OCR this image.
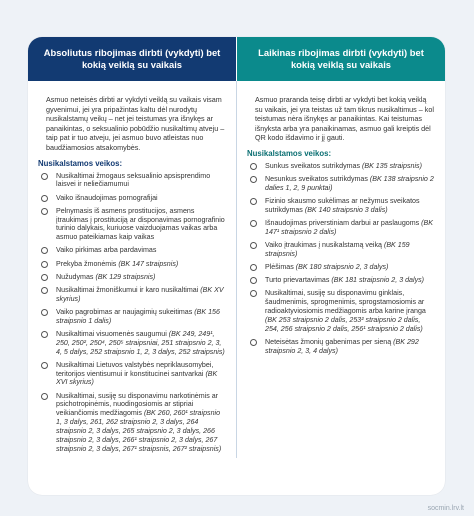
Absoliutus ribojimas dirbti (vykdyti) bet kokią veiklą su vaikais
Laikinas ribojimas dirbti (vykdyti) bet kokią veiklą su vaikais

Asmuo neteisės dirbti ar vykdyti veiklą su vaikais visam gyvenimui, jei yra pripažintas kaltu dėl nurodytų nusikalstamų veikų – net jei teistumas yra išnykęs ar panaikintas, o seksualinio pobūdžio nusikaltimų atveju – taip pat ir tuo atveju, jei asmuo buvo atleistas nuo baudžiamosios atsakomybės.

Nusikalstamos veikos:
Nusikaltimai žmogaus seksualinio apsisprendimo laisvei ir neliečiamumui
Vaiko išnaudojimas pornografijai
Pelnymasis iš asmens prostitucijos, asmens įtraukimas į prostituciją ar disponavimas pornografinio turinio dalykais, kuriuose vaizduojamas vaikas arba asmuo pateikiamas kaip vaikas
Vaiko pirkimas arba pardavimas
Prekyba žmonėmis (BK 147 straipsnis)
Nužudymas (BK 129 straipsnis)
Nusikaltimai žmoniškumui ir karo nusikaltimai (BK XV skyrius)
Vaiko pagrobimas ar naujagimių sukeitimas (BK 156 straipsnio 1 dalis)
Nusikaltimai visuomenės saugumui (BK 249, 249¹, 250, 250², 250⁴, 250⁵ straipsniai, 251 straipsnio 2, 3, 4, 5 dalys, 252 straipsnio 1, 2, 3 dalys, 252 straipsnis)
Nusikaltimai Lietuvos valstybės nepriklausomybei, teritorijos vientisumui ir konstitucinei santvarkai (BK XVI skyrius)
Nusikaltimai, susiję su disponavimu narkotinėmis ar psichotropinėmis, nuodingosiomis ar stipriai veikiančiomis medžiagomis (BK 260, 260¹ straipsnio 1, 3 dalys, 261, 262 straipsnio 2, 3 dalys, 264 straipsnio 2, 3 dalys, 265 straipsnio 2, 3 dalys, 266 straipsnio 2, 3 dalys, 266¹ straipsnio 2, 3 dalys, 267 straipsnio 2, 3 dalys, 267¹ straipsnis, 267² straipsnis)

Asmuo praranda teisę dirbti ar vykdyti bet kokią veiklą su vaikais, jei yra teistas už tam tikrus nusikaltimus – kol teistumas nėra išnykęs ar panaikintas. Kai teistumas išnyksta arba yra panaikinamas, asmuo gali kreiptis dėl QR kodo išdavimo ir jį gauti.

Nusikalstamos veikos:
Sunkus sveikatos sutrikdymas (BK 135 straipsnis)
Nesunkus sveikatos sutrikdymas (BK 138 straipsnio 2 dalies 1, 2, 9 punktai)
Fizinio skausmo sukėlimas ar nežymus sveikatos sutrikdymas (BK 140 straipsnio 3 dalis)
Išnaudojimas priverstiniam darbui ar paslaugoms (BK 147¹ straipsnio 2 dalis)
Vaiko įtraukimas į nusikalstamą veiką (BK 159 straipsnis)
Plėšimas (BK 180 straipsnio 2, 3 dalys)
Turto prievartavimas (BK 181 straipsnio 2, 3 dalys)
Nusikaltimai, susiję su disponavimu ginklais, šaudmenimis, sprogmenimis, sprogstamosiomis ar radioaktyviosiomis medžiagomis arba karine įranga (BK 253 straipsnio 2 dalis, 253² straipsnio 2 dalis, 254, 256 straipsnio 2 dalis, 256¹ straipsnio 2 dalis)
Neteisėtas žmonių gabenimas per sieną (BK 292 straipsnio 2, 3, 4 dalys)
socmin.lrv.lt
